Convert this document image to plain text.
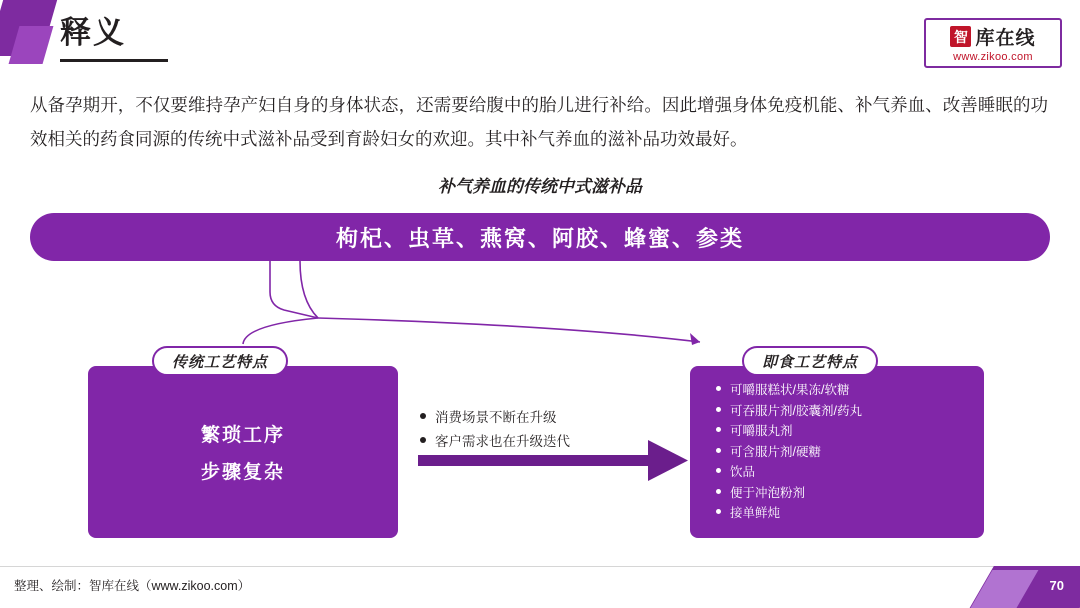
释义	智 库在线
www.zikoo.com
从备孕期开，不仅要维持孕产妇自身的身体状态，还需要给腹中的胎儿进行补给。因此增强身体免疫机能、补气养血、改善睡眠的功效相关的药食同源的传统中式滋补品受到育龄妇女的欢迎。其中补气养血的滋补品功效最好。
补气养血的传统中式滋补品
枸杞、虫草、燕窝、阿胶、蜂蜜、参类
繁琐工序
步骤复杂
传统工艺特点
消费场景不断在升级
客户需求也在升级迭代
可嚼服糕状/果冻/软糖
可吞服片剂/胶囊剂/药丸
可嚼服丸剂
可含服片剂/硬糖
饮品
便于冲泡粉剂
接单鲜炖
即食工艺特点
整理、绘制：智库在线（www.zikoo.com）	70
